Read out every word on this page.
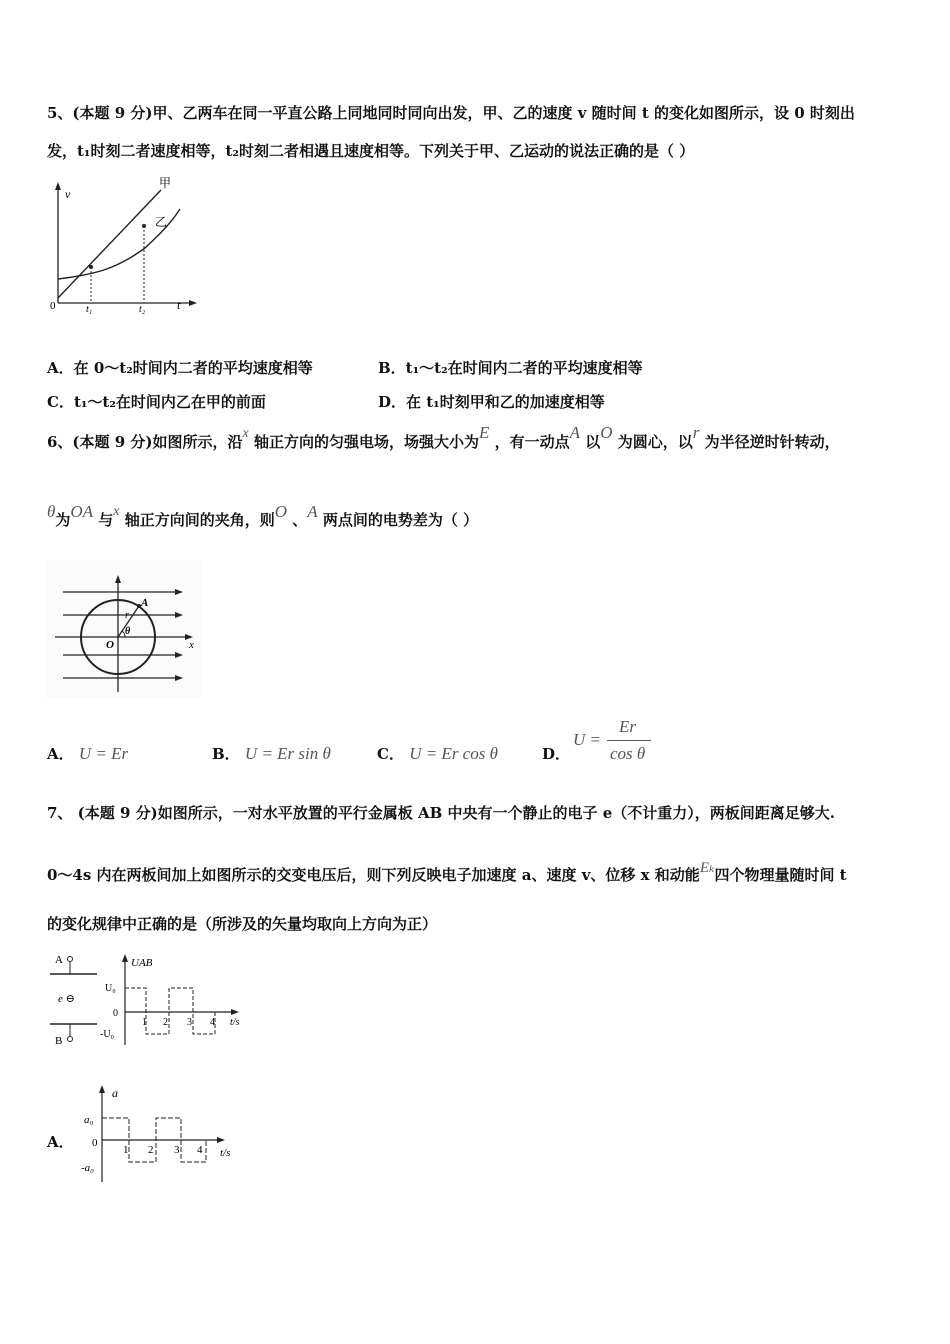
5、(本题 9 分)甲、乙两车在同一平直公路上同地同时同向出发，甲、乙的速度 v 随时间 t 的变化如图所示，设 0 时刻出
发，t₁时刻二者速度相等，t₂时刻二者相遇且速度相等。下列关于甲、乙运动的说法正确的是（ ）
v
t
0	t₁	t₂
甲
乙
A．在 0～t₂时间内二者的平均速度相等	B．t₁～t₂在时间内二者的平均速度相等
C．t₁～t₂在时间内乙在甲的前面	D．在 t₁时刻甲和乙的加速度相等
6、(本题 9 分)如图所示，沿x 轴正方向的匀强电场，场强大小为E ，有一动点A 以O 为圆心，以r 为半径逆时针转动，
θ为OA 与x 轴正方向间的夹角，则O 、A 两点间的电势差为（ ）
A
r
θ
O	x
A． U = Er	B． U = Er sin θ	C． U = Er cos θ	D．
U =
Er
cos θ
7、 (本题 9 分)如图所示，一对水平放置的平行金属板 AB 中央有一个静止的电子 e（不计重力），两板间距离足够大.
0～4s 内在两板间加上如图所示的交变电压后，则下列反映电子加速度 a、速度 v、位移 x 和动能Eₖ四个物理量随时间 t
的变化规律中正确的是（所涉及的矢量均取向上方向为正）
A
e ⊖
B
UAB
U₀
0
-U₀
1 2 3 4 t/s
A．
a
a₀
0
-a₀
1 2 3 4 t/s
